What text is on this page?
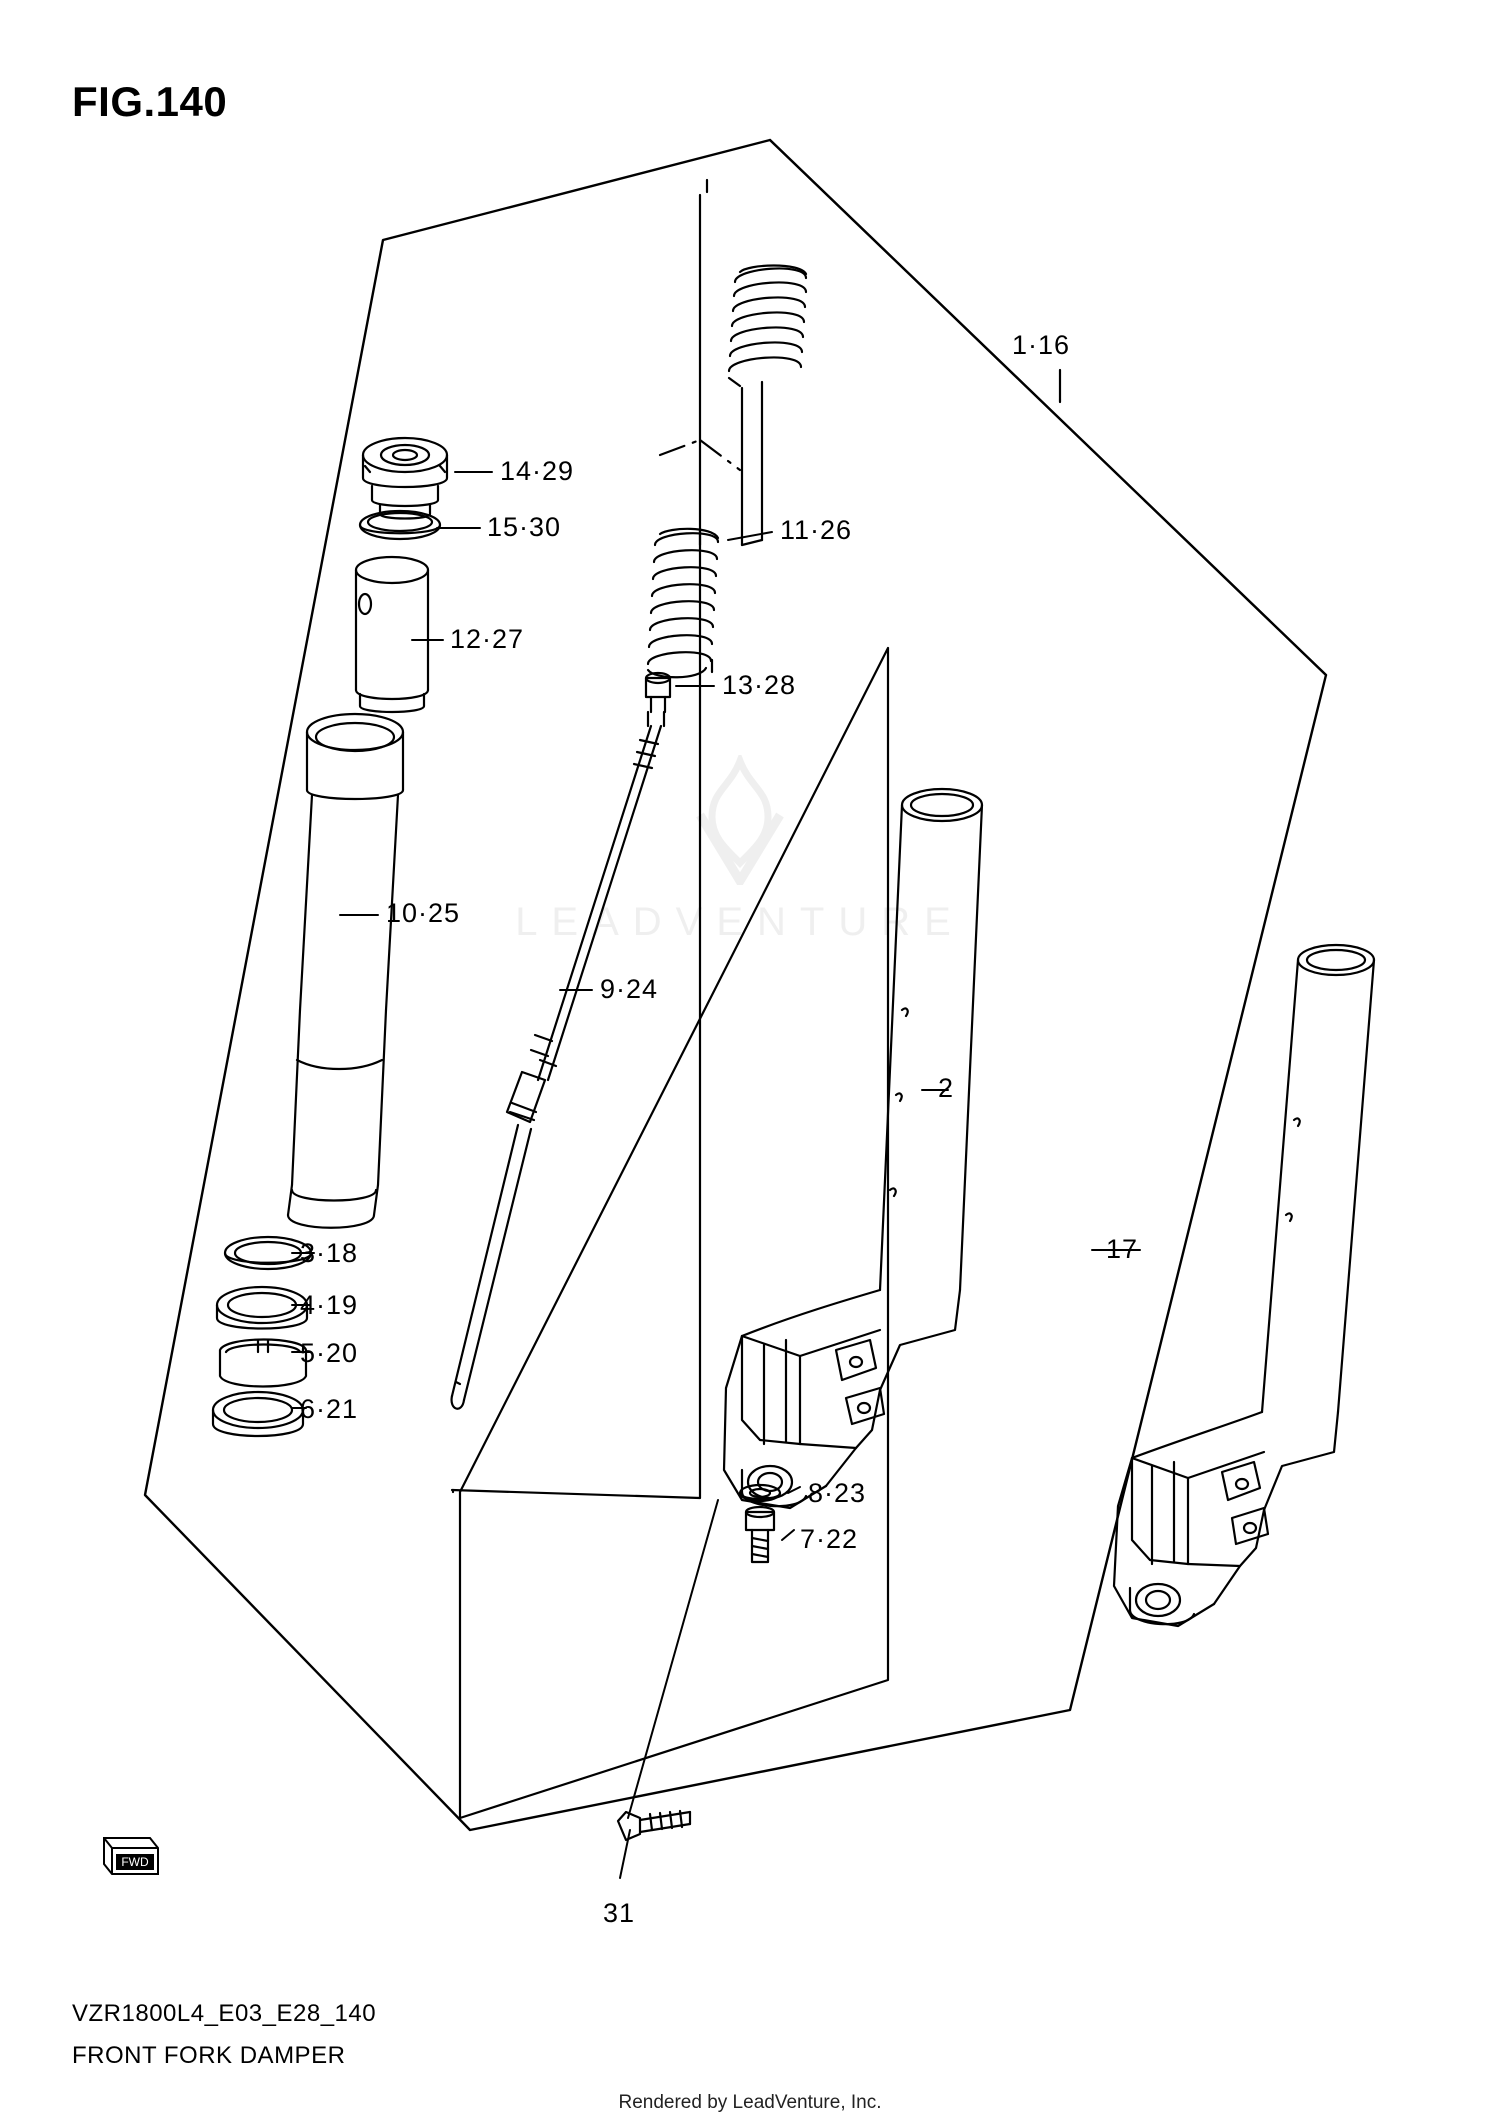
FIG.140
LEADVENTURE
1·16
14·29
15·30	11·26
12·27
13·28
10·25
9·24
2
17
3·18
4·19
5·20
6·21
8·23
7·22
31
FWD
VZR1800L4_E03_E28_140
FRONT FORK DAMPER
Rendered by LeadVenture, Inc.
